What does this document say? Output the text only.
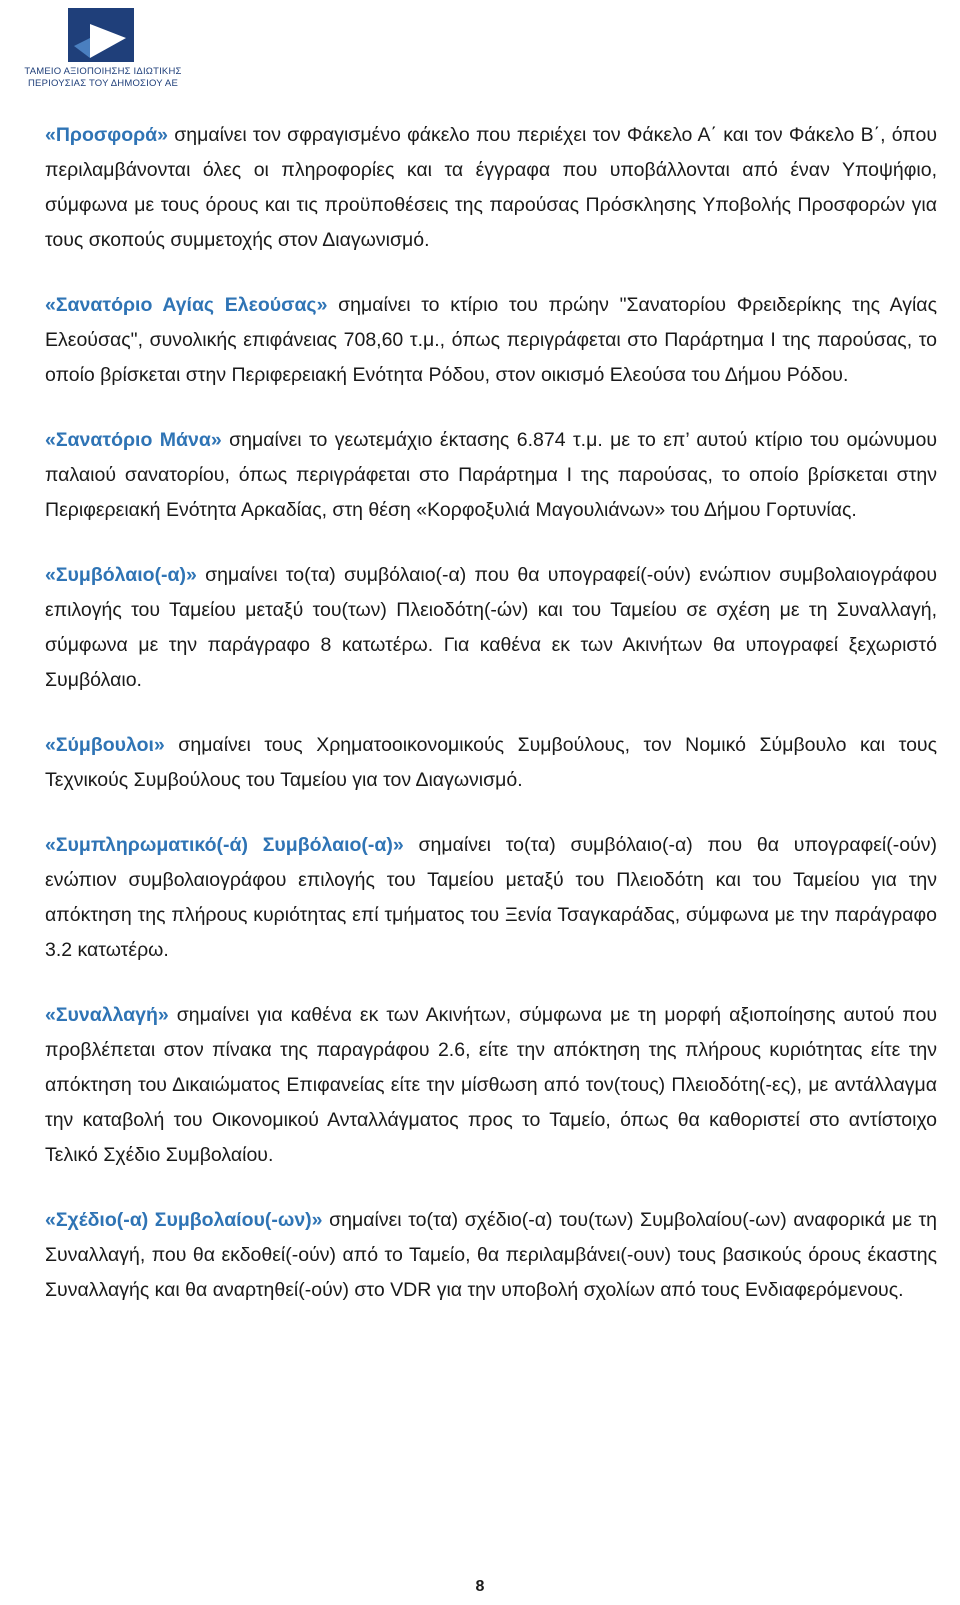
ΤΑΜΕΙΟ ΑΞΙΟΠΟΙΗΣΗΣ ΙΔΙΩΤΙΚΗΣ
ΠΕΡΙΟΥΣΙΑΣ ΤΟΥ ΔΗΜΟΣΙΟΥ ΑΕ

«Προσφορά» σημαίνει τον σφραγισμένο φάκελο που περιέχει τον Φάκελο Α΄ και τον Φάκελο Β΄, όπου περιλαμβάνονται όλες οι πληροφορίες και τα έγγραφα που υποβάλλονται από έναν Υποψήφιο, σύμφωνα με τους όρους και τις προϋποθέσεις της παρούσας Πρόσκλησης Υποβολής Προσφορών για τους σκοπούς συμμετοχής στον Διαγωνισμό.

«Σανατόριο Αγίας Ελεούσας» σημαίνει το κτίριο του πρώην "Σανατορίου Φρειδερίκης της Αγίας Ελεούσας", συνολικής επιφάνειας 708,60 τ.μ., όπως περιγράφεται στο Παράρτημα Ι της παρούσας, το οποίο βρίσκεται στην Περιφερειακή Ενότητα Ρόδου, στον οικισμό Ελεούσα του Δήμου Ρόδου.

«Σανατόριο Μάνα» σημαίνει το γεωτεμάχιο έκτασης 6.874 τ.μ. με το επ’ αυτού κτίριο του ομώνυμου παλαιού σανατορίου, όπως περιγράφεται στο Παράρτημα Ι της παρούσας, το οποίο βρίσκεται στην Περιφερειακή Ενότητα Αρκαδίας, στη θέση «Κορφοξυλιά Μαγουλιάνων» του Δήμου Γορτυνίας.

«Συμβόλαιο(-α)» σημαίνει το(τα) συμβόλαιο(-α) που θα υπογραφεί(-ούν) ενώπιον συμβολαιογράφου επιλογής του Ταμείου μεταξύ του(των) Πλειοδότη(-ών) και του Ταμείου σε σχέση με τη Συναλλαγή, σύμφωνα με την παράγραφο 8 κατωτέρω. Για καθένα εκ των Ακινήτων θα υπογραφεί ξεχωριστό Συμβόλαιο.

«Σύμβουλοι» σημαίνει τους Χρηματοοικονομικούς Συμβούλους, τον Νομικό Σύμβουλο και τους Τεχνικούς Συμβούλους του Ταμείου για τον Διαγωνισμό.

«Συμπληρωματικό(-ά) Συμβόλαιο(-α)» σημαίνει το(τα) συμβόλαιο(-α) που θα υπογραφεί(-ούν) ενώπιον συμβολαιογράφου επιλογής του Ταμείου μεταξύ του Πλειοδότη και του Ταμείου για την απόκτηση της πλήρους κυριότητας επί τμήματος του Ξενία Τσαγκαράδας, σύμφωνα με την παράγραφο 3.2 κατωτέρω.

«Συναλλαγή» σημαίνει για καθένα εκ των Ακινήτων, σύμφωνα με τη μορφή αξιοποίησης αυτού που προβλέπεται στον πίνακα της παραγράφου 2.6, είτε την απόκτηση της πλήρους κυριότητας είτε την απόκτηση του Δικαιώματος Επιφανείας είτε την μίσθωση από τον(τους) Πλειοδότη(-ες), με αντάλλαγμα την καταβολή του Οικονομικού Ανταλλάγματος προς το Ταμείο, όπως θα καθοριστεί στο αντίστοιχο Τελικό Σχέδιο Συμβολαίου.

«Σχέδιο(-α) Συμβολαίου(-ων)» σημαίνει το(τα) σχέδιο(-α) του(των) Συμβολαίου(-ων) αναφορικά με τη Συναλλαγή, που θα εκδοθεί(-ούν) από το Ταμείο, θα περιλαμβάνει(-ουν) τους βασικούς όρους έκαστης Συναλλαγής και θα αναρτηθεί(-ούν) στο VDR για την υποβολή σχολίων από τους Ενδιαφερόμενους.

8
